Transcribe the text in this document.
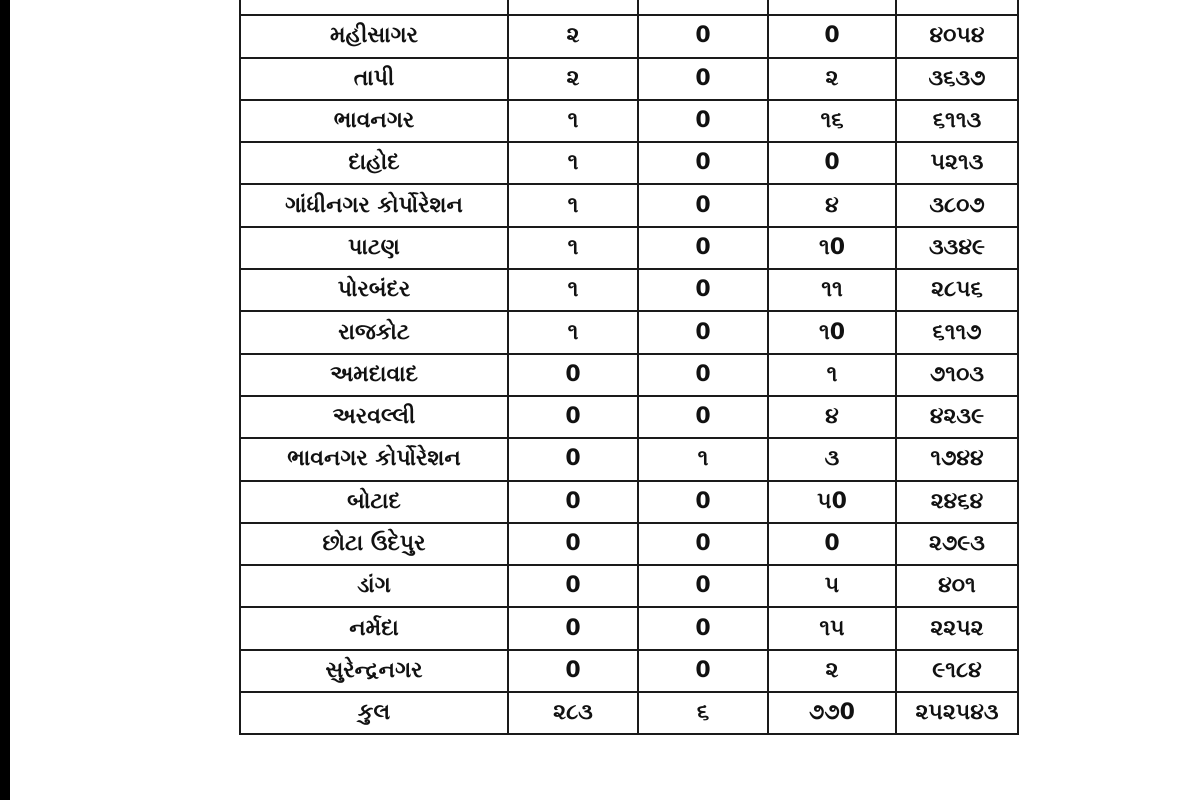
મહીસાગર	૨	0	0	૪૦૫૪
તાપી	૨	0	૨	૩૬૩૭
ભાવનગર	૧	0	૧૬	૬૧૧૩
દાહોદ	૧	0	0	૫૨૧૩
ગાંધીનગર કોર્પોરેશન	૧	0	૪	૩૮૦૭
પાટણ	૧	0	૧0	૩૩૪૯
પોરબંદર	૧	0	૧૧	૨૮૫૬
રાજકોટ	૧	0	૧0	૬૧૧૭
અમદાવાદ	0	0	૧	૭૧૦૩
અરવલ્લી	0	0	૪	૪૨૩૯
ભાવનગર કોર્પોરેશન	0	૧	૩	૧૭૪૪
બોટાદ	0	0	૫0	૨૪૬૪
છોટા ઉદેપુર	0	0	0	૨૭૯૩
ડાંગ	0	0	૫	૪૦૧
નર્મદા	0	0	૧૫	૨૨૫૨
સુરેન્દ્રનગર	0	0	૨	૯૧૮૪
કુલ	૨૮૩	૬	૭૭0	૨૫૨૫૪૩
